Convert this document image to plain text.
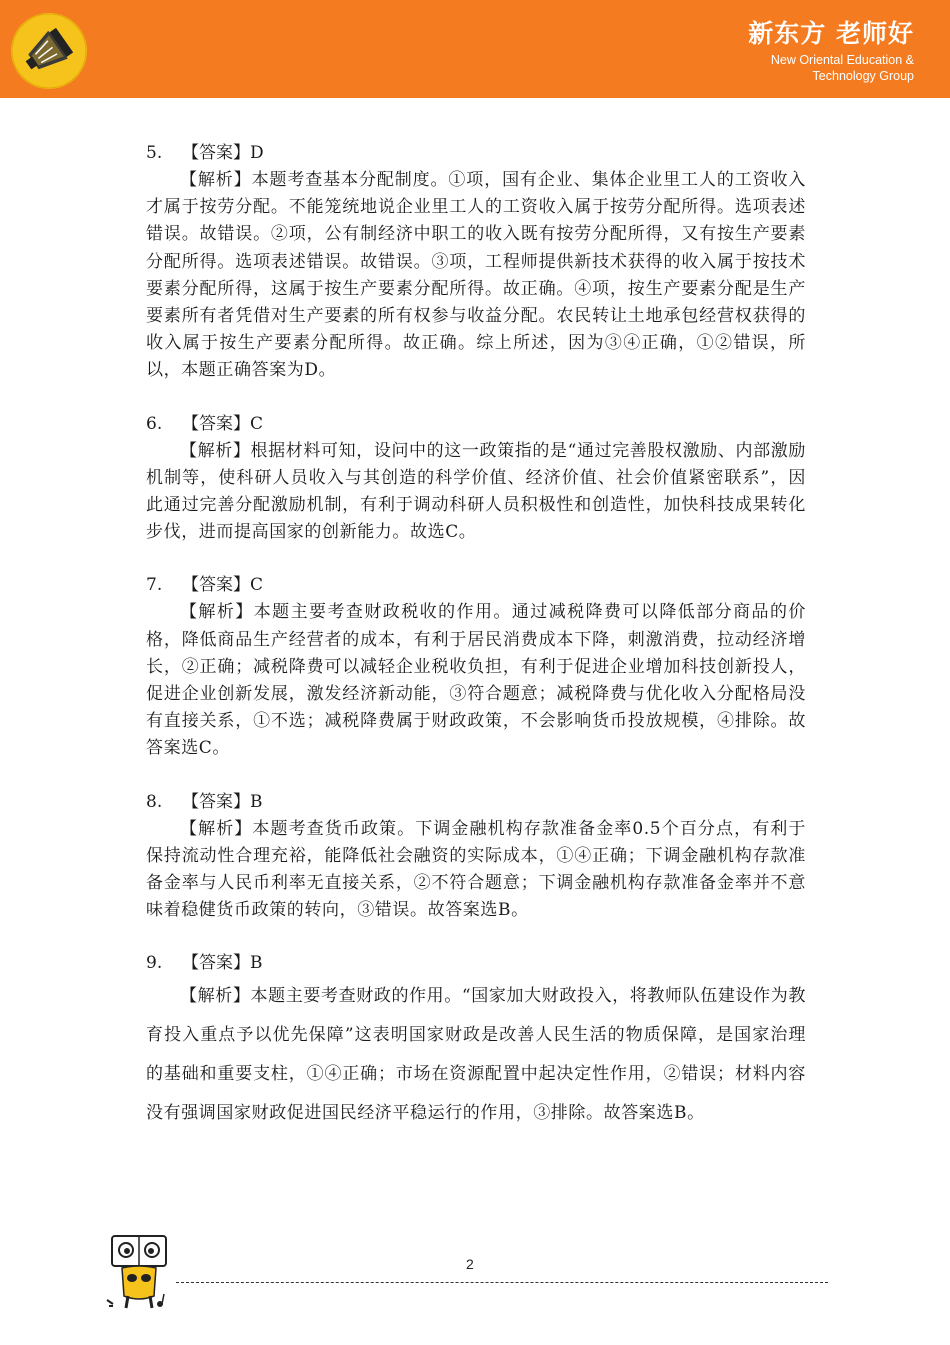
新东方 老师好
New Oriental Education &
Technology Group
5. 【答案】D
【解析】本题考查基本分配制度。①项，国有企业、集体企业里工人的工资收入才属于按劳分配。不能笼统地说企业里工人的工资收入属于按劳分配所得。选项表述错误。故错误。②项，公有制经济中职工的收入既有按劳分配所得，又有按生产要素分配所得。选项表述错误。故错误。③项，工程师提供新技术获得的收入属于按技术要素分配所得，这属于按生产要素分配所得。故正确。④项，按生产要素分配是生产要素所有者凭借对生产要素的所有权参与收益分配。农民转让土地承包经营权获得的收入属于按生产要素分配所得。故正确。综上所述，因为③④正确，①②错误，所以，本题正确答案为D。
6. 【答案】C
【解析】根据材料可知，设问中的这一政策指的是“通过完善股权激励、内部激励机制等，使科研人员收入与其创造的科学价值、经济价值、社会价值紧密联系”，因此通过完善分配激励机制，有利于调动科研人员积极性和创造性，加快科技成果转化步伐，进而提高国家的创新能力。故选C。
7. 【答案】C
【解析】本题主要考查财政税收的作用。通过减税降费可以降低部分商品的价格，降低商品生产经营者的成本，有利于居民消费成本下降，刺激消费，拉动经济增长，②正确；减税降费可以减轻企业税收负担，有利于促进企业增加科技创新投人，促进企业创新发展，激发经济新动能，③符合题意；减税降费与优化收入分配格局没有直接关系，①不选；减税降费属于财政政策，不会影响货币投放规模，④排除。故答案选C。
8. 【答案】B
【解析】本题考查货币政策。下调金融机构存款准备金率0.5个百分点，有利于保持流动性合理充裕，能降低社会融资的实际成本，①④正确；下调金融机构存款准备金率与人民币利率无直接关系，②不符合题意；下调金融机构存款准备金率并不意味着稳健货币政策的转向，③错误。故答案选B。
9. 【答案】B
【解析】本题主要考查财政的作用。“国家加大财政投入，将教师队伍建设作为教育投入重点予以优先保障”这表明国家财政是改善人民生活的物质保障，是国家治理的基础和重要支柱，①④正确；市场在资源配置中起决定性作用，②错误；材料内容没有强调国家财政促进国民经济平稳运行的作用，③排除。故答案选B。
2
